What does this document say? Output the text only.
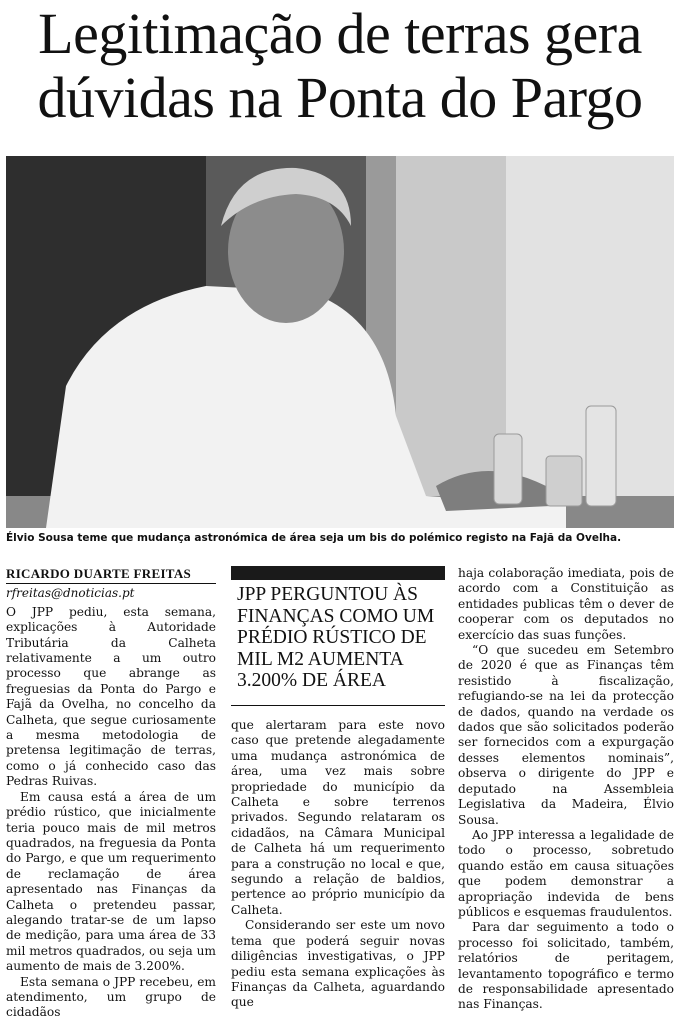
Legitimação de terras gera dúvidas na Ponta do Pargo
Élvio Sousa teme que mudança astronómica de área seja um bis do polémico registo na Fajã da Ovelha.
RICARDO DUARTE FREITAS
rfreitas@dnoticias.pt

O JPP pediu, esta semana, explicações à Autoridade Tributária da Calheta relativamente a um outro processo que abrange as freguesias da Ponta do Pargo e Fajã da Ovelha, no concelho da Calheta, que segue curiosamente a mesma metodologia de pretensa legitimação de terras, como o já conhecido caso das Pedras Ruivas.

Em causa está a área de um prédio rústico, que inicialmente teria pouco mais de mil metros quadrados, na freguesia da Ponta do Pargo, e que um requerimento de reclamação de área apresentado nas Finanças da Calheta o pretendeu passar, alegando tratar-se de um lapso de medição, para uma área de 33 mil metros quadrados, ou seja um aumento de mais de 3.200%.

Esta semana o JPP recebeu, em atendimento, um grupo de cidadãos

JPP PERGUNTOU ÀS FINANÇAS COMO UM PRÉDIO RÚSTICO DE MIL M2 AUMENTA 3.200% DE ÁREA

que alertaram para este novo caso que pretende alegadamente uma mudança astronómica de área, uma vez mais sobre propriedade do município da Calheta e sobre terrenos privados. Segundo relataram os cidadãos, na Câmara Municipal de Calheta há um requerimento para a construção no local e que, segundo a relação de baldios, pertence ao próprio município da Calheta.

Considerando ser este um novo tema que poderá seguir novas diligências investigativas, o JPP pediu esta semana explicações às Finanças da Calheta, aguardando que

haja colaboração imediata, pois de acordo com a Constituição as entidades publicas têm o dever de cooperar com os deputados no exercício das suas funções.

“O que sucedeu em Setembro de 2020 é que as Finanças têm resistido à fiscalização, refugiando-se na lei da protecção de dados, quando na verdade os dados que são solicitados poderão ser fornecidos com a expurgação desses elementos nominais”, observa o dirigente do JPP e deputado na Assembleia Legislativa da Madeira, Élvio Sousa.

Ao JPP interessa a legalidade de todo o processo, sobretudo quando estão em causa situações que podem demonstrar a apropriação indevida de bens públicos e esquemas fraudulentos.

Para dar seguimento a todo o processo foi solicitado, também, relatórios de peritagem, levantamento topográfico e termo de responsabilidade apresentado nas Finanças.
